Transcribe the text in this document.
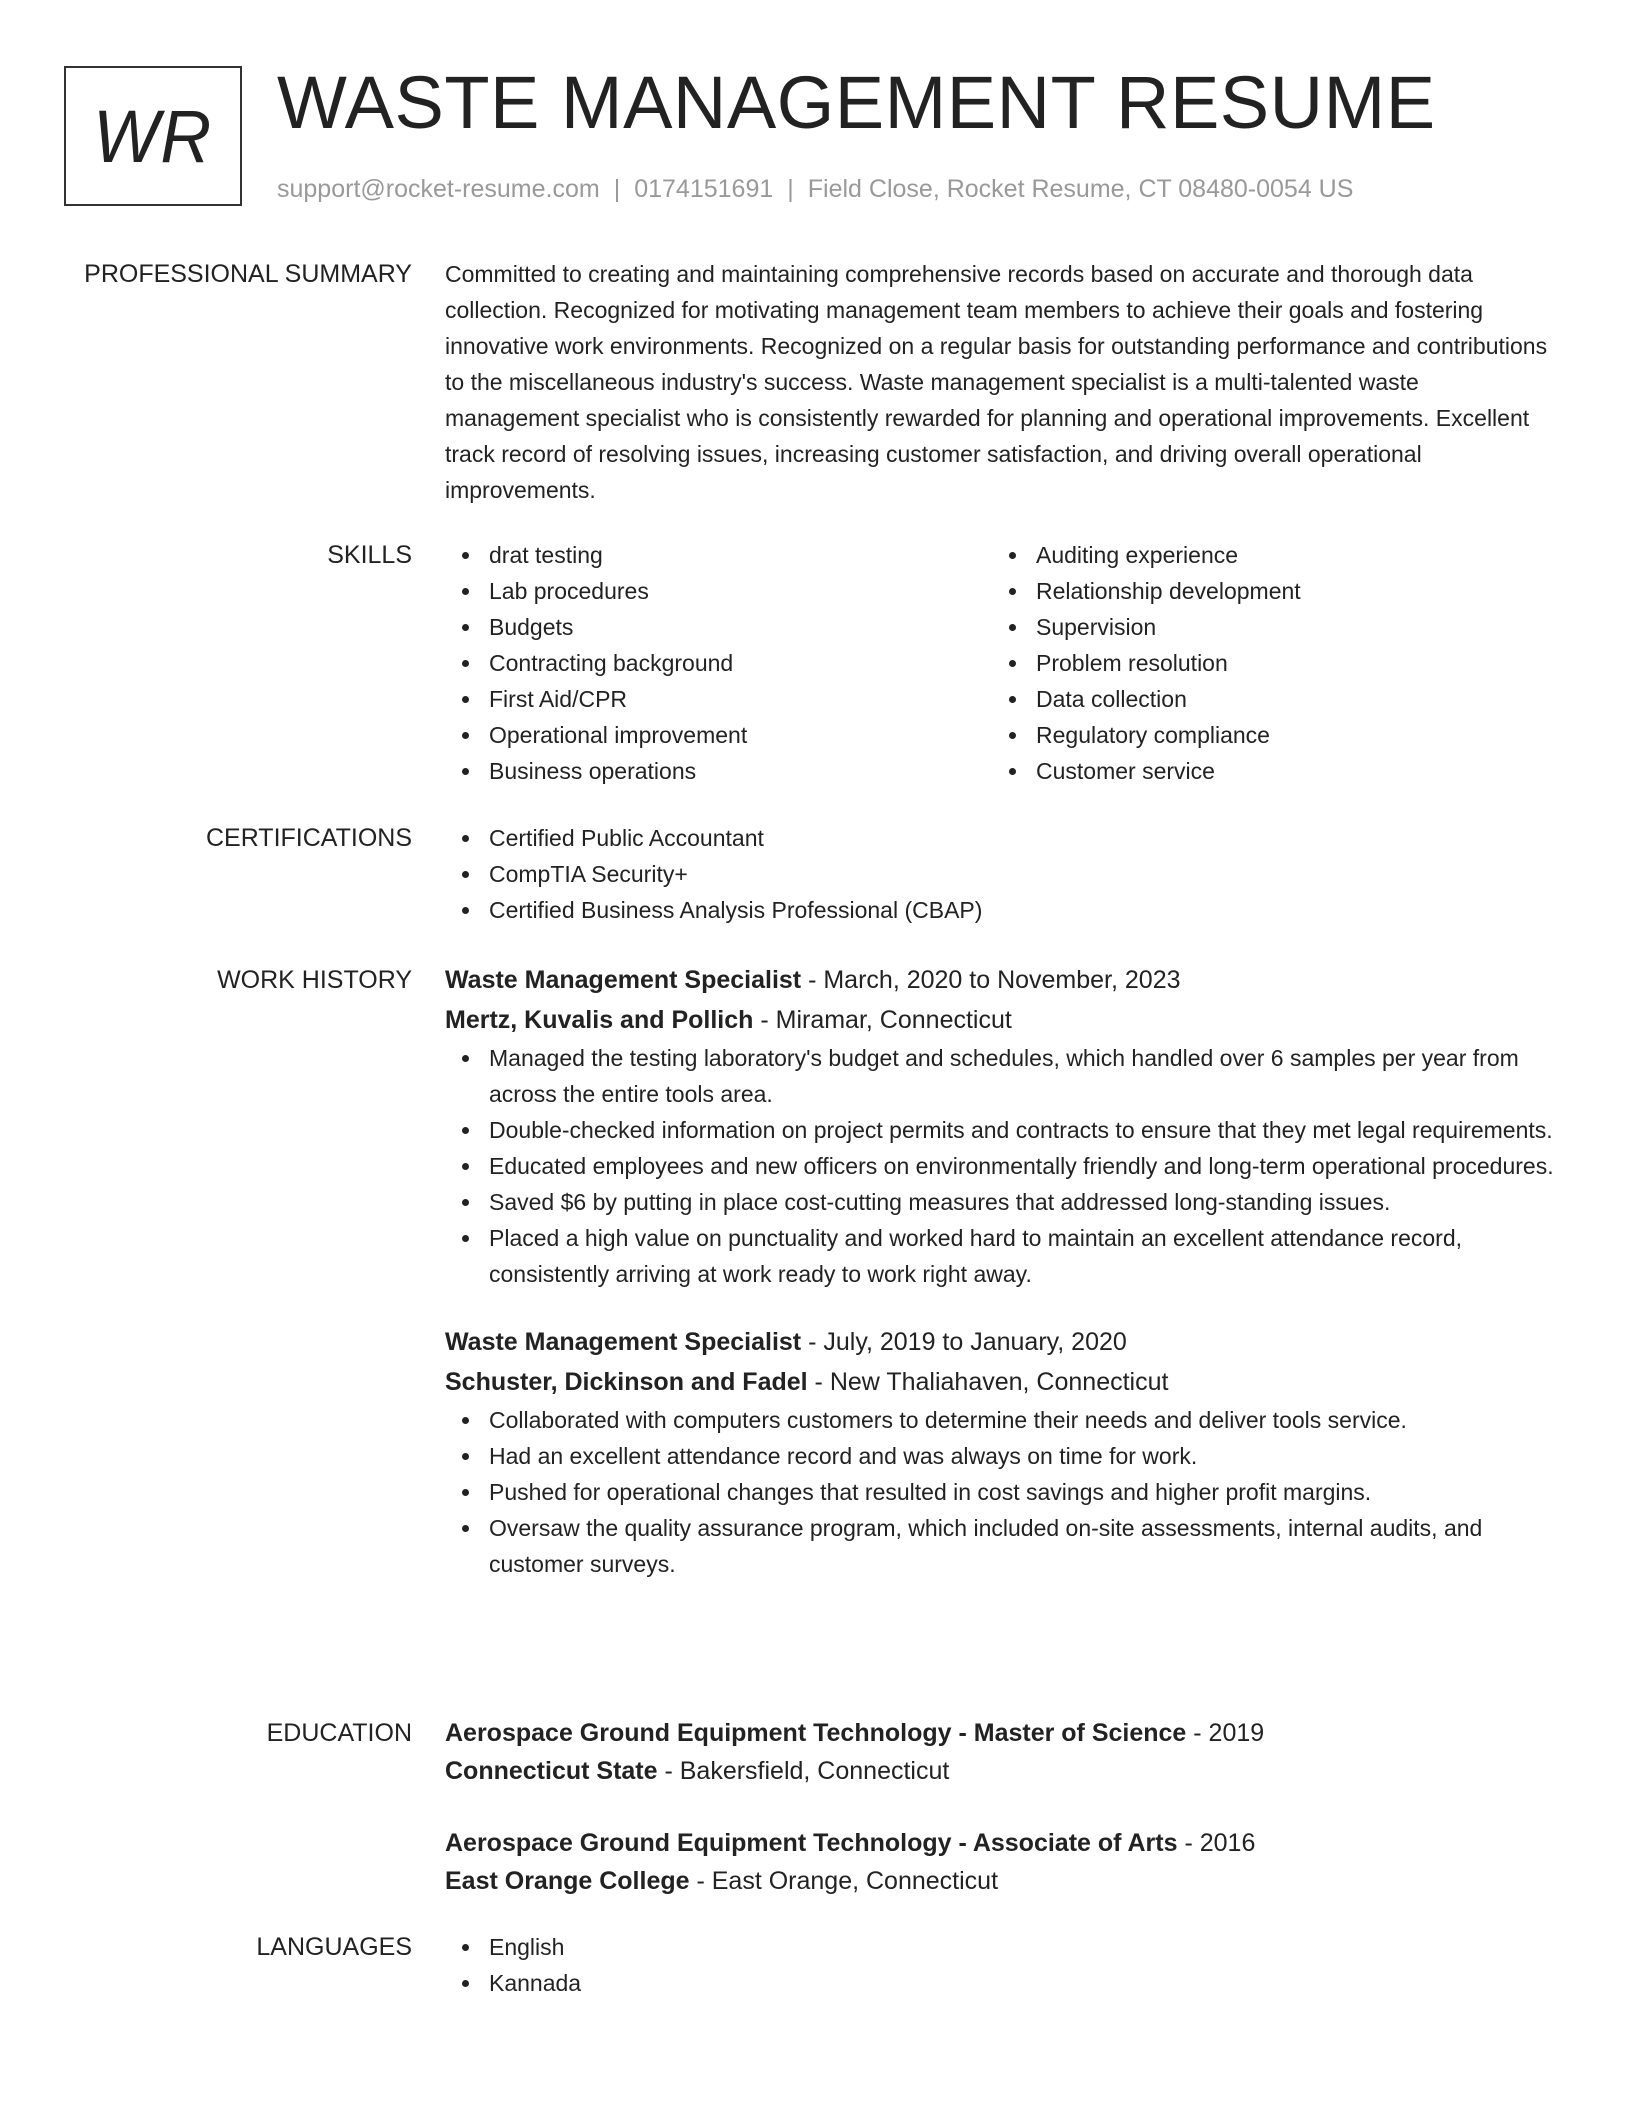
WR WASTE MANAGEMENT RESUME
support@rocket-resume.com | 0174151691 | Field Close, Rocket Resume, CT 08480-0054 US
PROFESSIONAL SUMMARY Committed to creating and maintaining comprehensive records based on accurate and thorough data collection. Recognized for motivating management team members to achieve their goals and fostering innovative work environments. Recognized on a regular basis for outstanding performance and contributions to the miscellaneous industry's success. Waste management specialist is a multi-talented waste management specialist who is consistently rewarded for planning and operational improvements. Excellent track record of resolving issues, increasing customer satisfaction, and driving overall operational improvements.

SKILLS	drat testing
Lab procedures
Budgets
Contracting background
First Aid/CPR
Operational improvement
Business operations
Auditing experience
Relationship development
Supervision
Problem resolution
Data collection
Regulatory compliance
Customer service
CERTIFICATIONS	Certified Public Accountant
CompTIA Security+
Certified Business Analysis Professional (CBAP)
WORK HISTORY Waste Management Specialist - March, 2020 to November, 2023
Mertz, Kuvalis and Pollich - Miramar, Connecticut
Managed the testing laboratory's budget and schedules, which handled over 6 samples per year from across the entire tools area.
Double-checked information on project permits and contracts to ensure that they met legal requirements.
Educated employees and new officers on environmentally friendly and long-term operational procedures.
Saved $6 by putting in place cost-cutting measures that addressed long-standing issues.
Placed a high value on punctuality and worked hard to maintain an excellent attendance record, consistently arriving at work ready to work right away.
Waste Management Specialist - July, 2019 to January, 2020
Schuster, Dickinson and Fadel - New Thaliahaven, Connecticut
Collaborated with computers customers to determine their needs and deliver tools service.
Had an excellent attendance record and was always on time for work.
Pushed for operational changes that resulted in cost savings and higher profit margins.
Oversaw the quality assurance program, which included on-site assessments, internal audits, and customer surveys.
EDUCATION Aerospace Ground Equipment Technology - Master of Science - 2019
Connecticut State - Bakersfield, Connecticut
Aerospace Ground Equipment Technology - Associate of Arts - 2016
East Orange College - East Orange, Connecticut
LANGUAGES	English
Kannada
